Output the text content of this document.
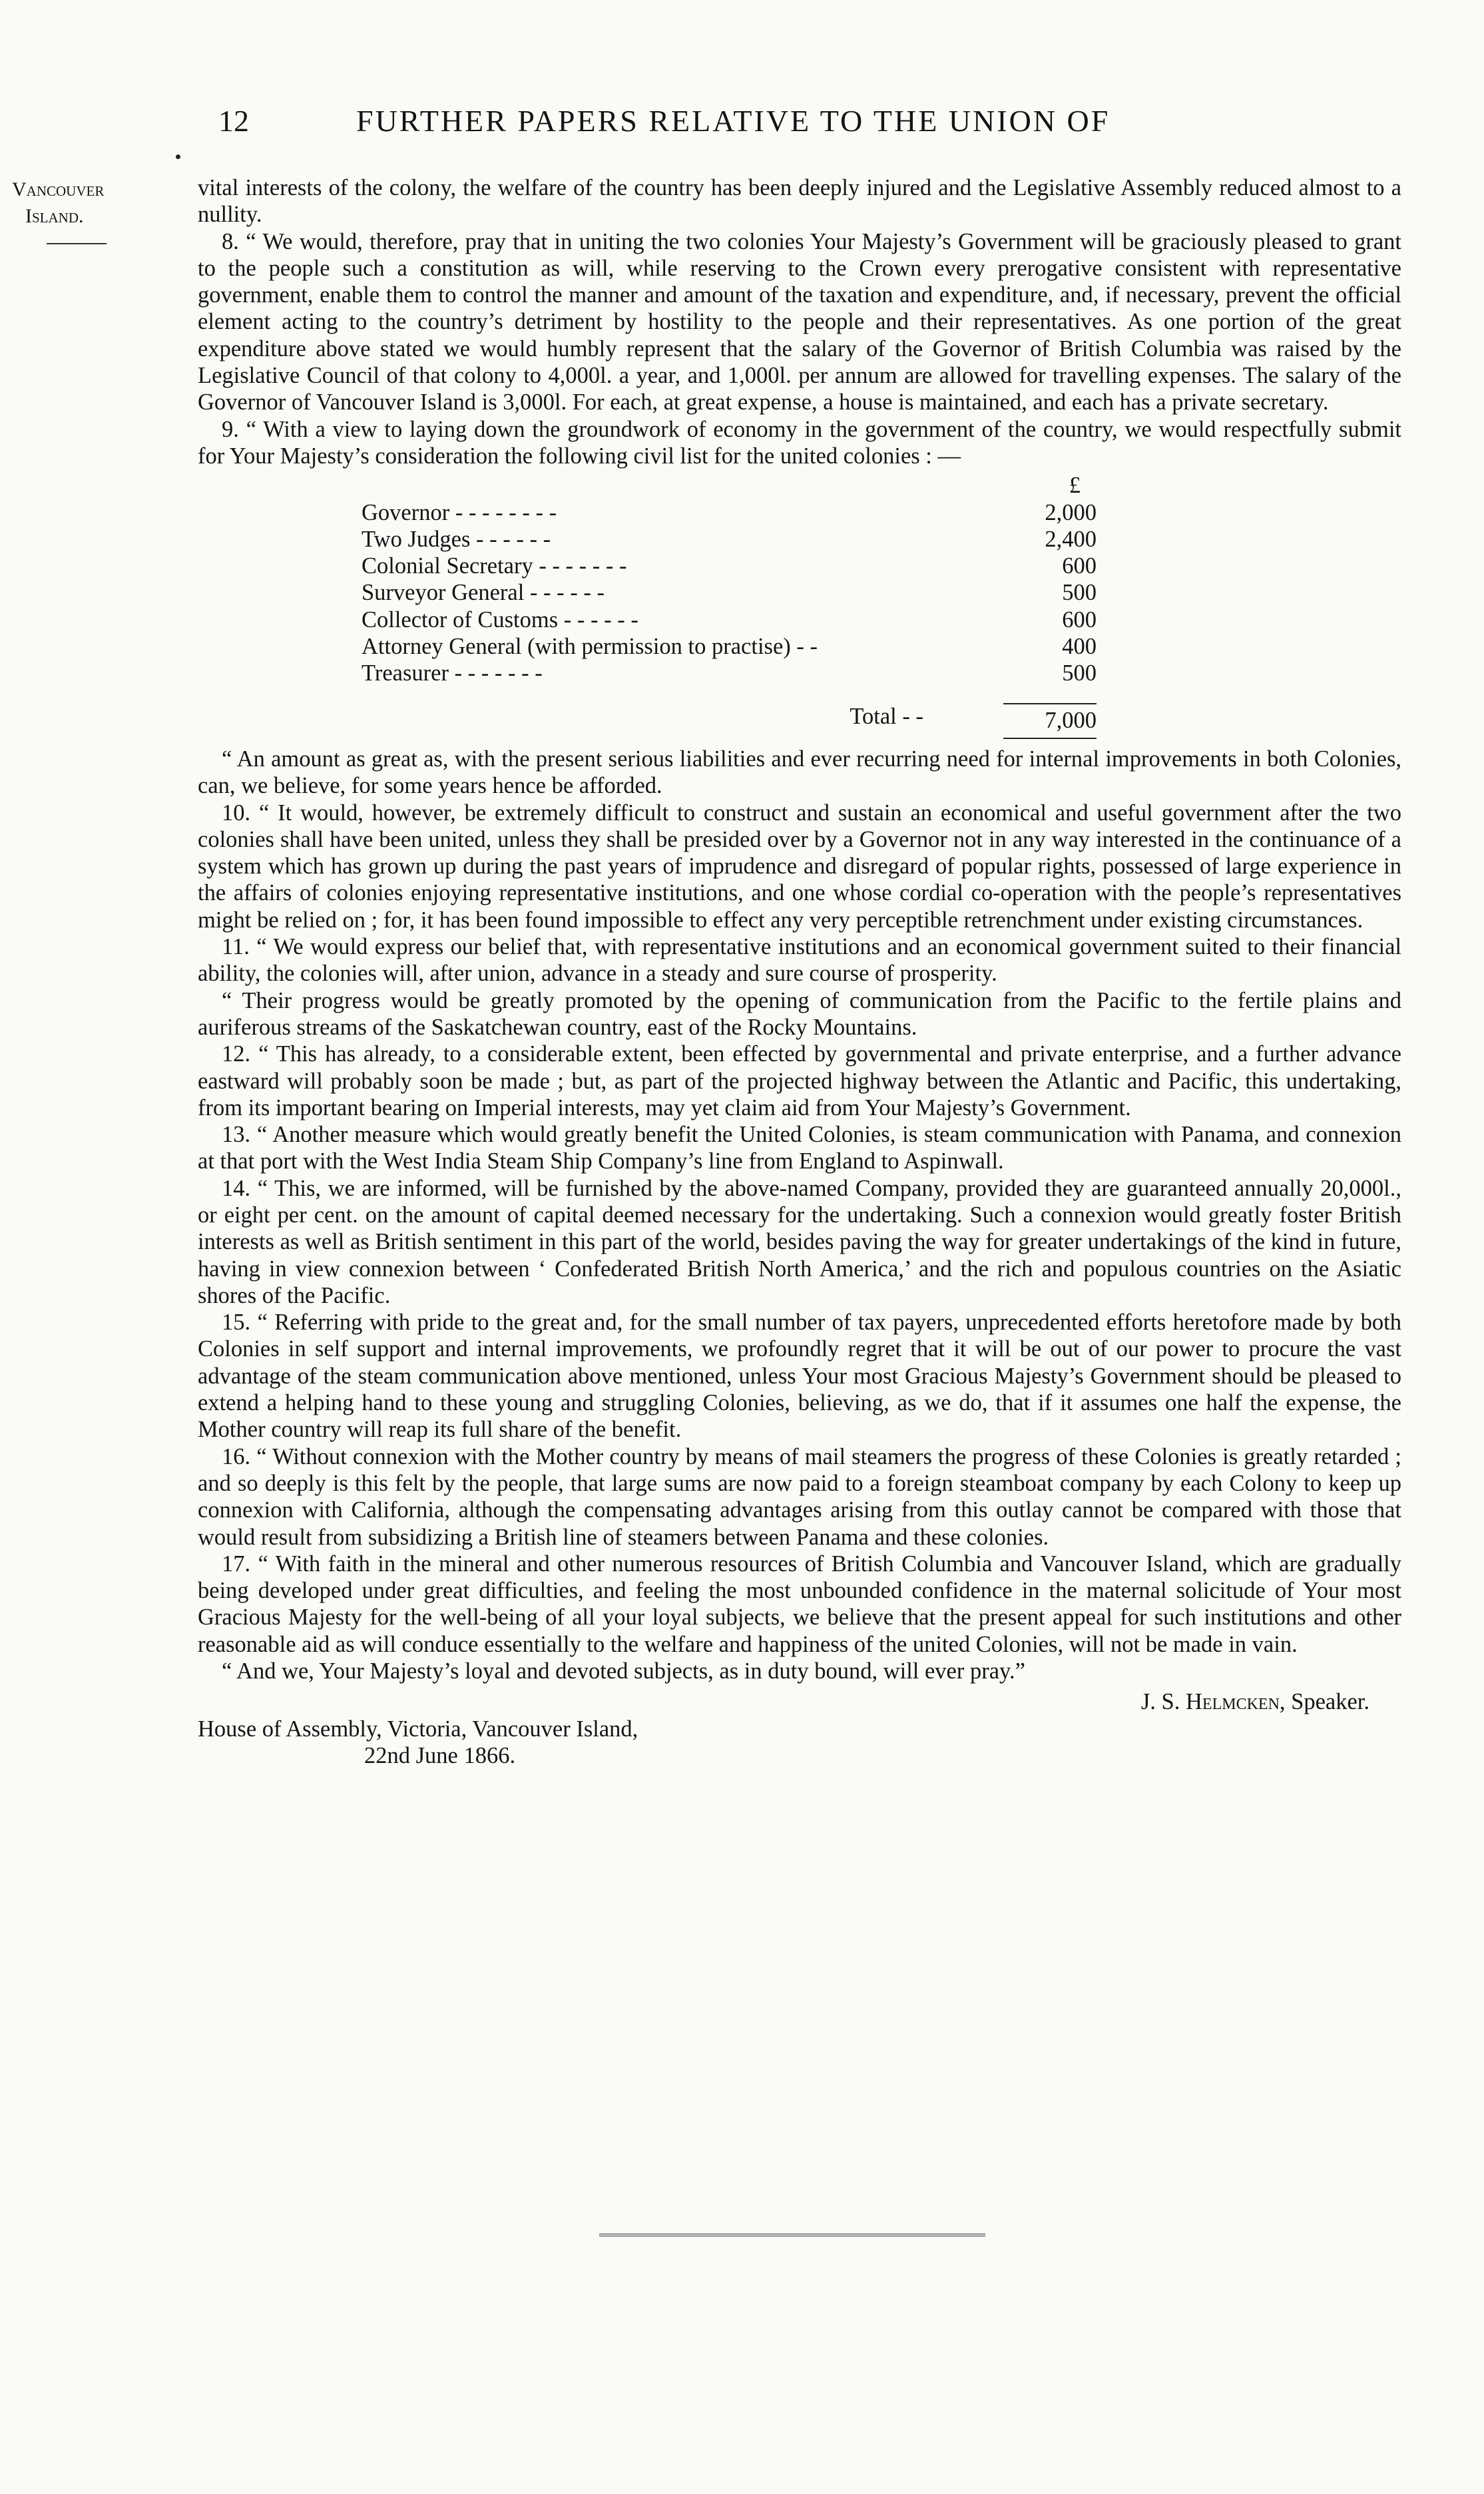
12	FURTHER PAPERS RELATIVE TO THE UNION OF
Vancouver
Island.

vital interests of the colony, the welfare of the country has been deeply injured and the Legislative Assembly reduced almost to a nullity.

8. “ We would, therefore, pray that in uniting the two colonies Your Majesty’s Government will be graciously pleased to grant to the people such a constitution as will, while reserving to the Crown every prerogative consistent with representative government, enable them to control the manner and amount of the taxation and expenditure, and, if necessary, prevent the official element acting to the country’s detriment by hostility to the people and their representatives. As one portion of the great expenditure above stated we would humbly represent that the salary of the Governor of British Columbia was raised by the Legislative Council of that colony to 4,000l. a year, and 1,000l. per annum are allowed for travelling expenses. The salary of the Governor of Vancouver Island is 3,000l. For each, at great expense, a house is maintained, and each has a private secretary.

9. “ With a view to laying down the groundwork of economy in the government of the country, we would respectfully submit for Your Majesty’s consideration the following civil list for the united colonies : —

£
Governor - - - - - - - -	2,000
Two Judges - - - - - -	2,400
Colonial Secretary - - - - - - -	600
Surveyor General - - - - - -	500
Collector of Customs - - - - - -	600
Attorney General (with permission to practise) - -	400
Treasurer - - - - - - -	500
Total - -	7,000

“ An amount as great as, with the present serious liabilities and ever recurring need for internal improvements in both Colonies, can, we believe, for some years hence be afforded.

10. “ It would, however, be extremely difficult to construct and sustain an economical and useful government after the two colonies shall have been united, unless they shall be presided over by a Governor not in any way interested in the continuance of a system which has grown up during the past years of imprudence and disregard of popular rights, possessed of large experience in the affairs of colonies enjoying representative institutions, and one whose cordial co-operation with the people’s representatives might be relied on ; for, it has been found impossible to effect any very perceptible retrenchment under existing circumstances.

11. “ We would express our belief that, with representative institutions and an economical government suited to their financial ability, the colonies will, after union, advance in a steady and sure course of prosperity.

“ Their progress would be greatly promoted by the opening of communication from the Pacific to the fertile plains and auriferous streams of the Saskatchewan country, east of the Rocky Mountains.

12. “ This has already, to a considerable extent, been effected by governmental and private enterprise, and a further advance eastward will probably soon be made ; but, as part of the projected highway between the Atlantic and Pacific, this undertaking, from its important bearing on Imperial interests, may yet claim aid from Your Majesty’s Government.

13. “ Another measure which would greatly benefit the United Colonies, is steam communication with Panama, and connexion at that port with the West India Steam Ship Company’s line from England to Aspinwall.

14. “ This, we are informed, will be furnished by the above-named Company, provided they are guaranteed annually 20,000l., or eight per cent. on the amount of capital deemed necessary for the undertaking. Such a connexion would greatly foster British interests as well as British sentiment in this part of the world, besides paving the way for greater undertakings of the kind in future, having in view connexion between ‘ Confederated British North America,’ and the rich and populous countries on the Asiatic shores of the Pacific.

15. “ Referring with pride to the great and, for the small number of tax payers, unprecedented efforts heretofore made by both Colonies in self support and internal improvements, we profoundly regret that it will be out of our power to procure the vast advantage of the steam communication above mentioned, unless Your most Gracious Majesty’s Government should be pleased to extend a helping hand to these young and struggling Colonies, believing, as we do, that if it assumes one half the expense, the Mother country will reap its full share of the benefit.

16. “ Without connexion with the Mother country by means of mail steamers the progress of these Colonies is greatly retarded ; and so deeply is this felt by the people, that large sums are now paid to a foreign steamboat company by each Colony to keep up connexion with California, although the compensating advantages arising from this outlay cannot be compared with those that would result from subsidizing a British line of steamers between Panama and these colonies.

17. “ With faith in the mineral and other numerous resources of British Columbia and Vancouver Island, which are gradually being developed under great difficulties, and feeling the most unbounded confidence in the maternal solicitude of Your most Gracious Majesty for the well-being of all your loyal subjects, we believe that the present appeal for such institutions and other reasonable aid as will conduce essentially to the welfare and happiness of the united Colonies, will not be made in vain.

“ And we, Your Majesty’s loyal and devoted subjects, as in duty bound, will ever pray.”

J. S. Helmcken, Speaker.
House of Assembly, Victoria, Vancouver Island,
22nd June 1866.
